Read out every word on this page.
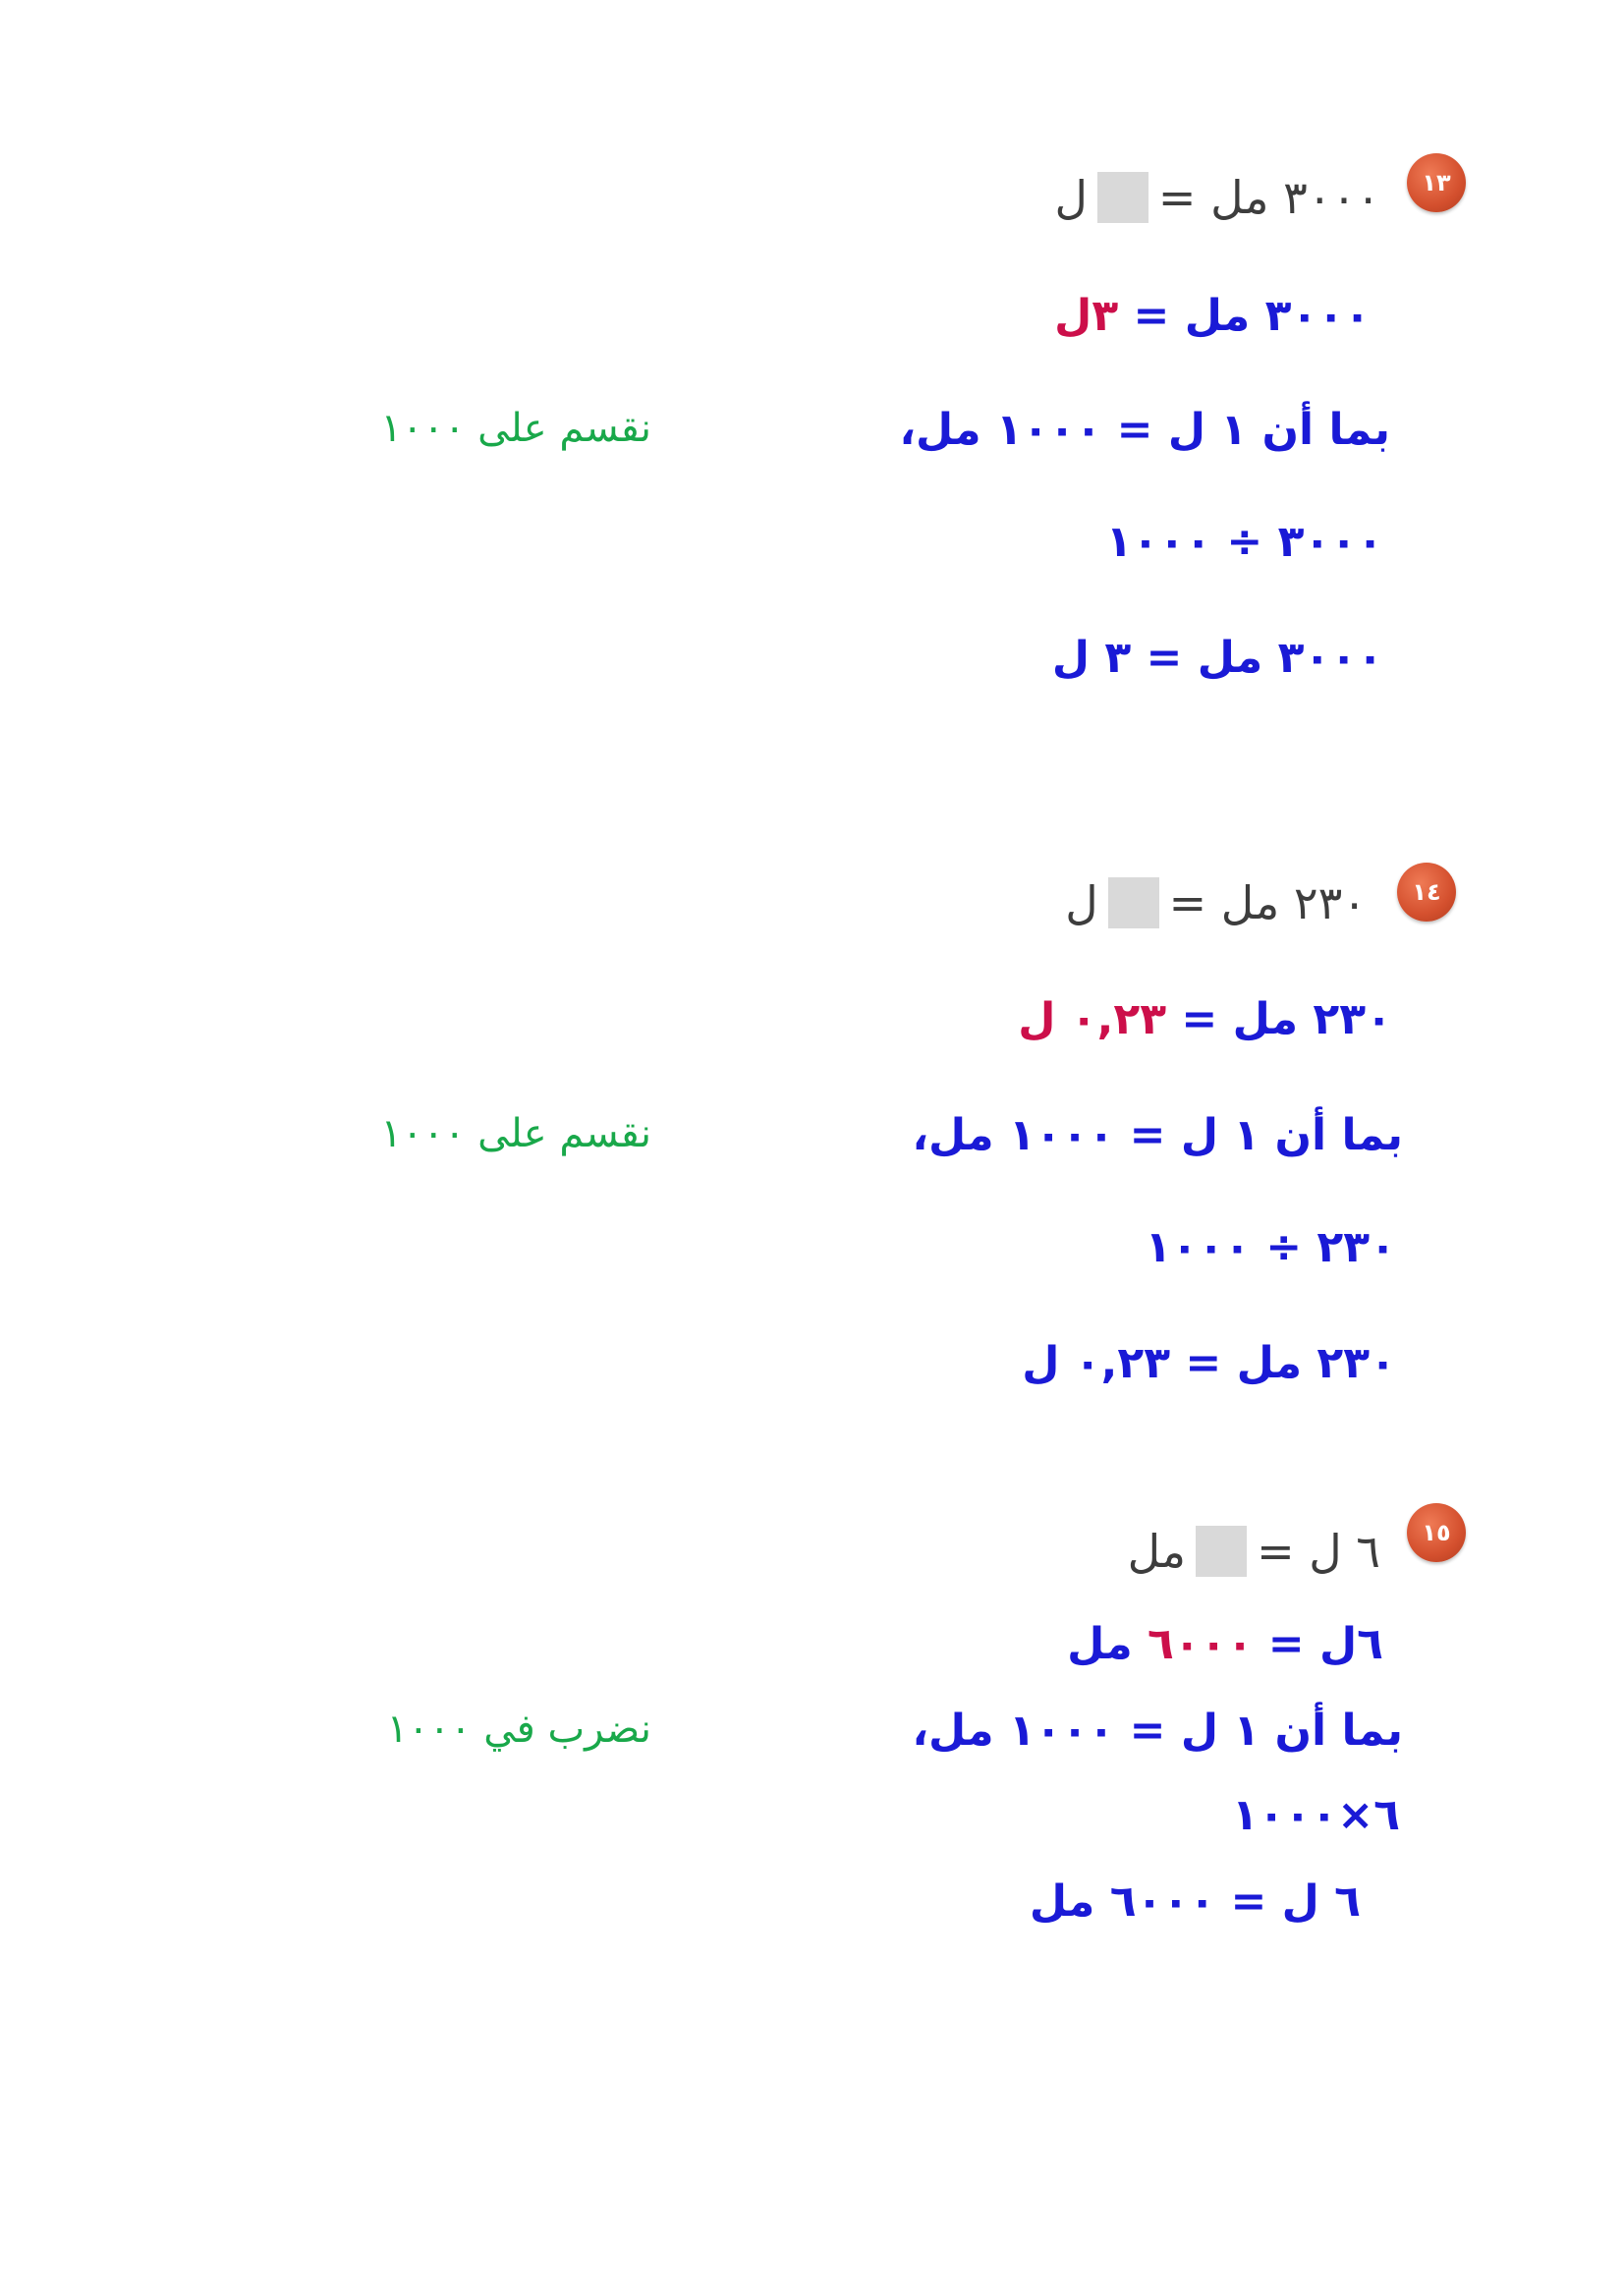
١٣
٣٠٠٠ مل =ل
٣٠٠٠ مل = ٣ل
بما أن ١ ل = ١٠٠٠ مل،
٣٠٠٠ ÷ ١٠٠٠
٣٠٠٠ مل = ٣ ل
نقسم على ١٠٠٠
١٤
٢٣٠ مل =ل
٢٣٠ مل = ٠,٢٣ ل
بما أن ١ ل = ١٠٠٠ مل،
٢٣٠ ÷ ١٠٠٠
٢٣٠ مل = ٠,٢٣ ل
نقسم على ١٠٠٠
١٥
٦ ل =مل
٦ل = ٦٠٠٠ مل
بما أن ١ ل = ١٠٠٠ مل،
٦×١٠٠٠
٦ ل = ٦٠٠٠ مل
نضرب في ١٠٠٠
